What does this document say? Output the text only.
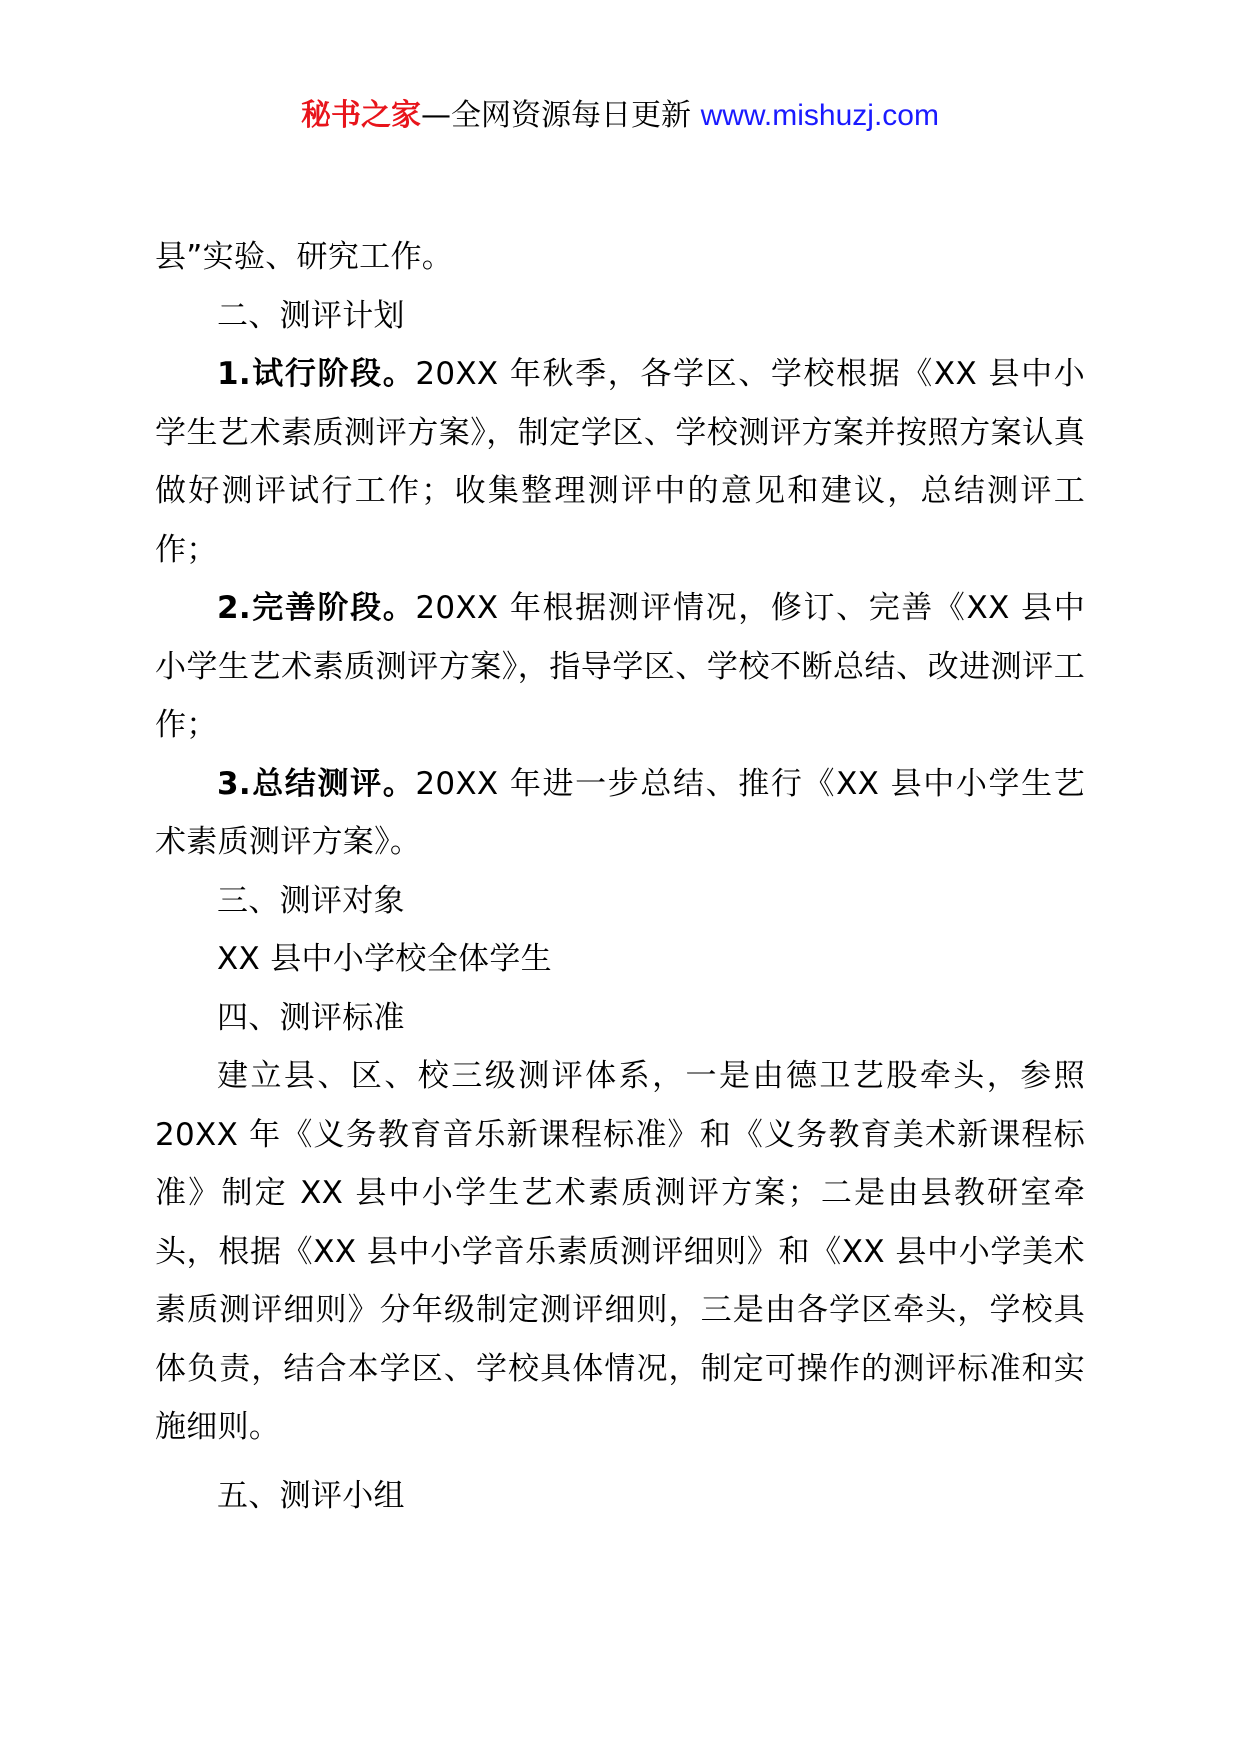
秘书之家—全网资源每日更新 www.mishuzj.com

县”实验、研究工作。

二、测评计划

1.试行阶段。20XX 年秋季，各学区、学校根据《XX 县中小学生艺术素质测评方案》，制定学区、学校测评方案并按照方案认真做好测评试行工作；收集整理测评中的意见和建议，总结测评工作；

2.完善阶段。20XX 年根据测评情况，修订、完善《XX 县中小学生艺术素质测评方案》，指导学区、学校不断总结、改进测评工作；

3.总结测评。20XX 年进一步总结、推行《XX 县中小学生艺术素质测评方案》。

三、测评对象

XX 县中小学校全体学生

四、测评标准

建立县、区、校三级测评体系，一是由德卫艺股牵头，参照 20XX 年《义务教育音乐新课程标准》和《义务教育美术新课程标准》制定 XX 县中小学生艺术素质测评方案；二是由县教研室牵头，根据《XX 县中小学音乐素质测评细则》和《XX 县中小学美术素质测评细则》分年级制定测评细则，三是由各学区牵头，学校具体负责，结合本学区、学校具体情况，制定可操作的测评标准和实施细则。

五、测评小组
